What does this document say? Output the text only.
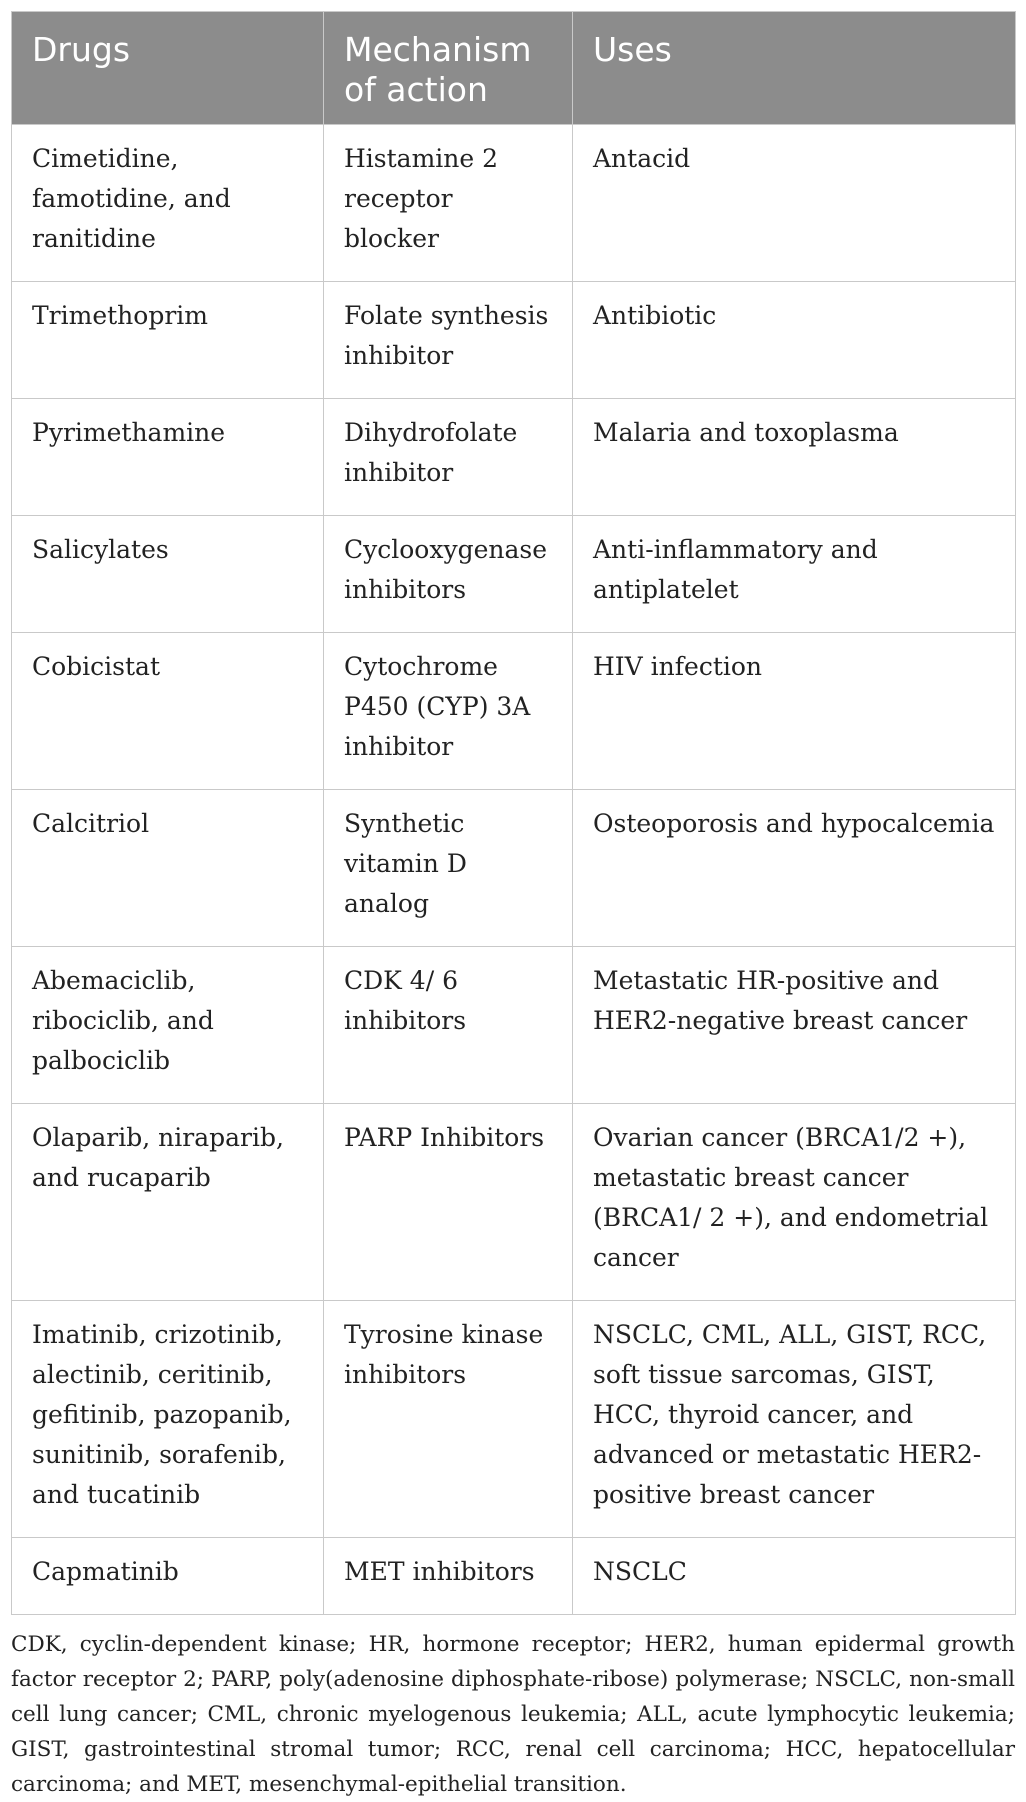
Drugs	Mechanism of action	Uses
Cimetidine, famotidine, and ranitidine	Histamine 2 receptor blocker	Antacid
Trimethoprim	Folate synthesis inhibitor	Antibiotic
Pyrimethamine	Dihydrofolate inhibitor	Malaria and toxoplasma
Salicylates	Cyclooxygenase inhibitors	Anti-inflammatory and antiplatelet
Cobicistat	Cytochrome P450 (CYP) 3A inhibitor	HIV infection
Calcitriol	Synthetic vitamin D analog	Osteoporosis and hypocalcemia
Abemaciclib, ribociclib, and palbociclib	CDK 4/ 6 inhibitors	Metastatic HR-positive and HER2-negative breast cancer
Olaparib, niraparib, and rucaparib	PARP Inhibitors	Ovarian cancer (BRCA1/2 +), metastatic breast cancer (BRCA1/ 2 +), and endometrial cancer
Imatinib, crizotinib, alectinib, ceritinib, gefitinib, pazopanib, sunitinib, sorafenib, and tucatinib	Tyrosine kinase inhibitors	NSCLC, CML, ALL, GIST, RCC, soft tissue sarcomas, GIST, HCC, thyroid cancer, and advanced or metastatic HER2-positive breast cancer
Capmatinib	MET inhibitors	NSCLC
CDK, cyclin-dependent kinase; HR, hormone receptor; HER2, human epidermal growth factor receptor 2; PARP, poly(adenosine diphosphate-ribose) polymerase; NSCLC, non-small cell lung cancer; CML, chronic myelogenous leukemia; ALL, acute lymphocytic leukemia; GIST, gastrointestinal stromal tumor; RCC, renal cell carcinoma; HCC, hepatocellular carcinoma; and MET, mesenchymal-epithelial transition.
